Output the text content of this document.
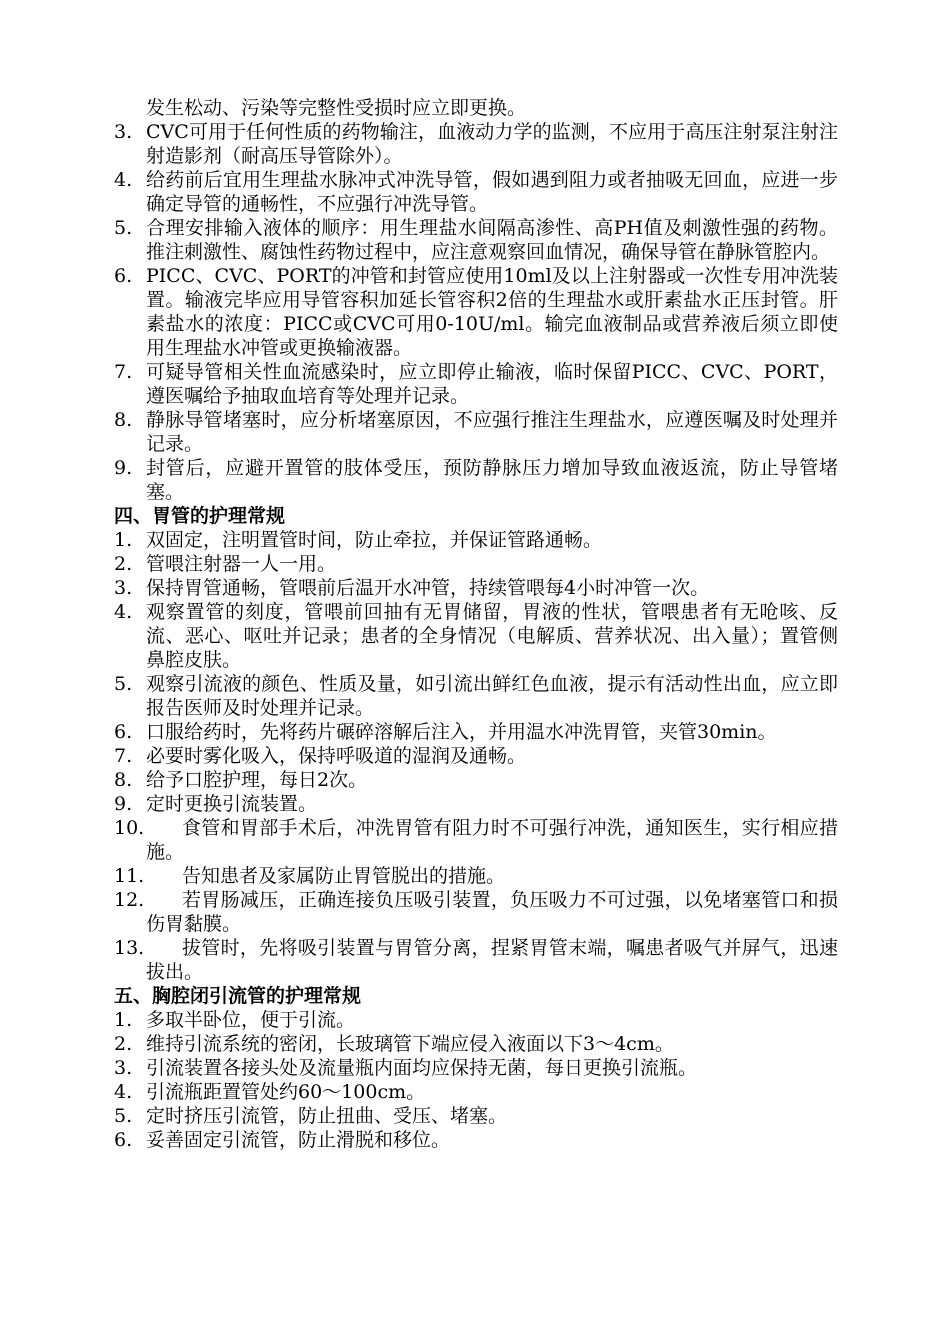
发生松动、污染等完整性受损时应立即更换。
3. CVC可用于任何性质的药物输注，血液动力学的监测，不应用于高压注射泵注射注射造影剂（耐高压导管除外）。
4. 给药前后宜用生理盐水脉冲式冲洗导管，假如遇到阻力或者抽吸无回血，应进一步确定导管的通畅性，不应强行冲洗导管。
5. 合理安排输入液体的顺序：用生理盐水间隔高渗性、高PH值及刺激性强的药物。推注刺激性、腐蚀性药物过程中，应注意观察回血情况，确保导管在静脉管腔内。
6. PICC、CVC、PORT的冲管和封管应使用10ml及以上注射器或一次性专用冲洗装置。输液完毕应用导管容积加延长管容积2倍的生理盐水或肝素盐水正压封管。肝素盐水的浓度：PICC或CVC可用0-10U/ml。输完血液制品或营养液后须立即使用生理盐水冲管或更换输液器。
7. 可疑导管相关性血流感染时，应立即停止输液，临时保留PICC、CVC、PORT，遵医嘱给予抽取血培育等处理并记录。
8. 静脉导管堵塞时，应分析堵塞原因，不应强行推注生理盐水，应遵医嘱及时处理并记录。
9. 封管后，应避开置管的肢体受压，预防静脉压力增加导致血液返流，防止导管堵塞。
四、胃管的护理常规
1. 双固定，注明置管时间，防止牵拉，并保证管路通畅。
2. 管喂注射器一人一用。
3. 保持胃管通畅，管喂前后温开水冲管，持续管喂每4小时冲管一次。
4. 观察置管的刻度，管喂前回抽有无胃储留，胃液的性状，管喂患者有无呛咳、反流、恶心、呕吐并记录；患者的全身情况（电解质、营养状况、出入量）；置管侧鼻腔皮肤。
5. 观察引流液的颜色、性质及量，如引流出鲜红色血液，提示有活动性出血，应立即报告医师及时处理并记录。
6. 口服给药时，先将药片碾碎溶解后注入，并用温水冲洗胃管，夹管30min。
7. 必要时雾化吸入，保持呼吸道的湿润及通畅。
8. 给予口腔护理，每日2次。
9. 定时更换引流装置。
10.	食管和胃部手术后，冲洗胃管有阻力时不可强行冲洗，通知医生，实行相应措施。
11.	告知患者及家属防止胃管脱出的措施。
12.	若胃肠减压，正确连接负压吸引装置，负压吸力不可过强，以免堵塞管口和损伤胃黏膜。
13.	拔管时，先将吸引装置与胃管分离，捏紧胃管末端，嘱患者吸气并屏气，迅速拔出。
五、胸腔闭引流管的护理常规
1. 多取半卧位，便于引流。
2. 维持引流系统的密闭，长玻璃管下端应侵入液面以下3～4cm。
3. 引流装置各接头处及流量瓶内面均应保持无菌，每日更换引流瓶。
4. 引流瓶距置管处约60～100cm。
5. 定时挤压引流管，防止扭曲、受压、堵塞。
6. 妥善固定引流管，防止滑脱和移位。
